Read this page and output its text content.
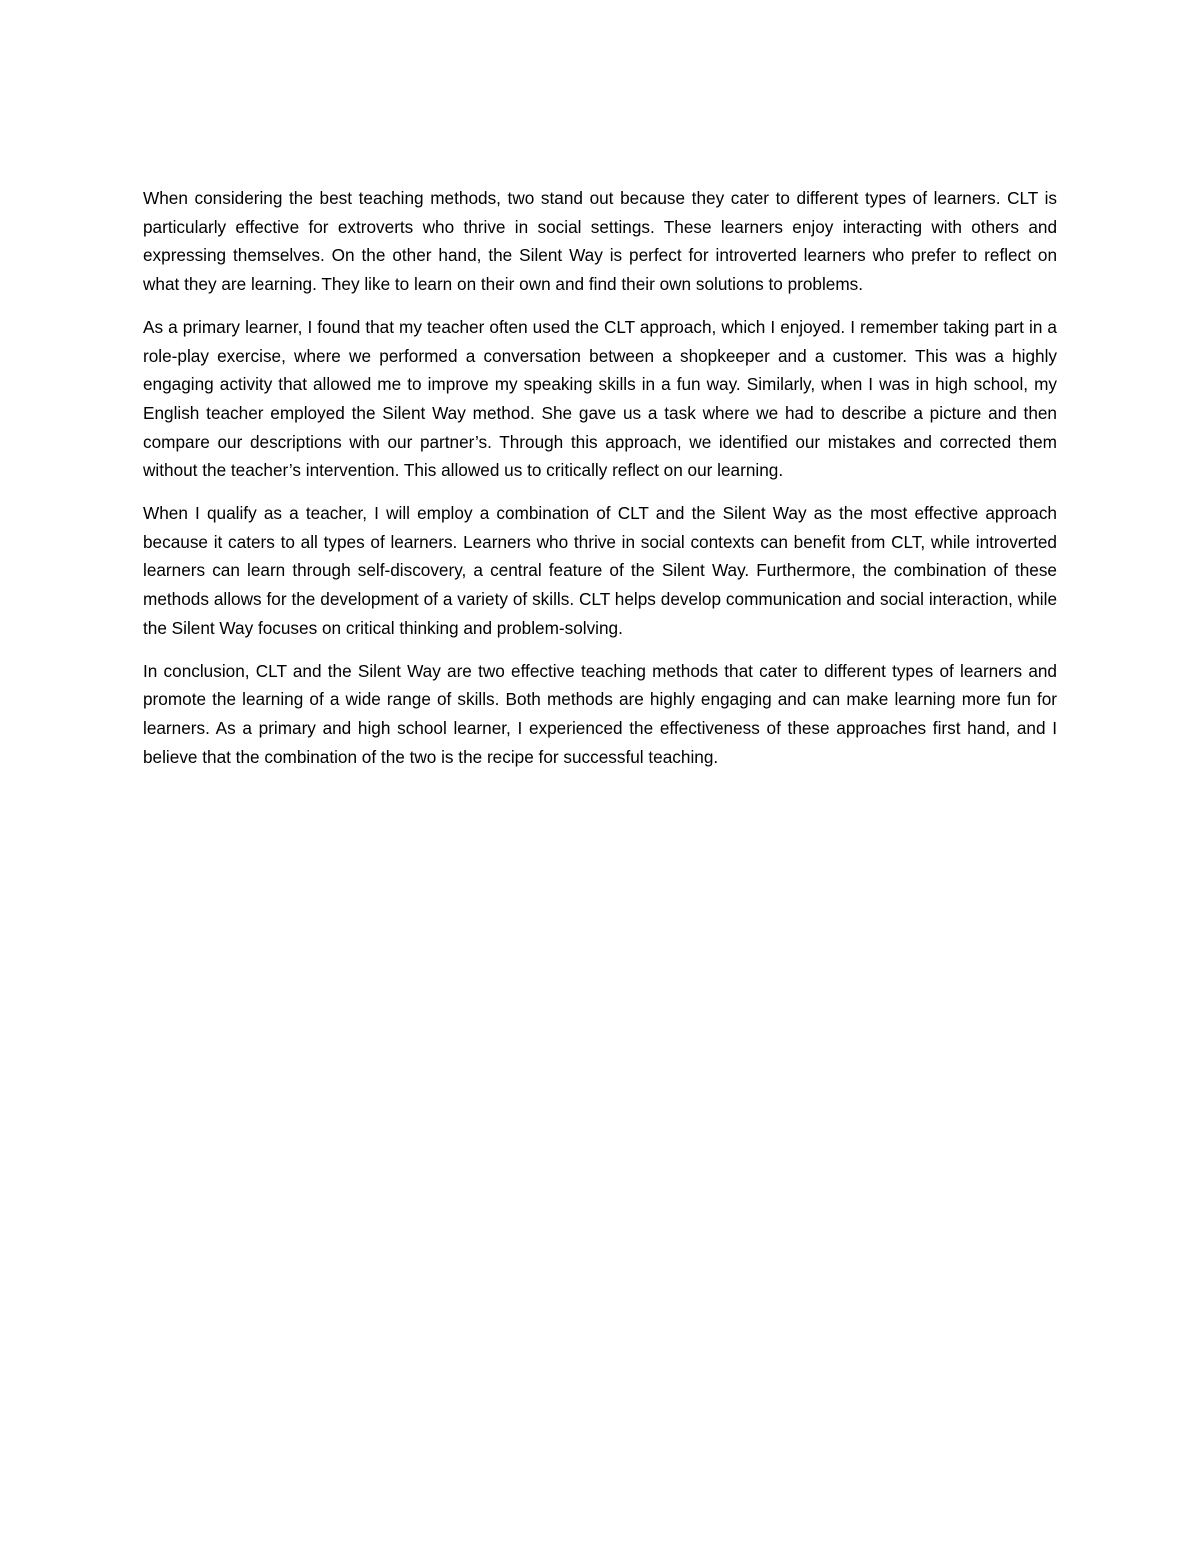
When considering the best teaching methods, two stand out because they cater to different types of learners. CLT is particularly effective for extroverts who thrive in social settings. These learners enjoy interacting with others and expressing themselves. On the other hand, the Silent Way is perfect for introverted learners who prefer to reflect on what they are learning. They like to learn on their own and find their own solutions to problems.

As a primary learner, I found that my teacher often used the CLT approach, which I enjoyed. I remember taking part in a role-play exercise, where we performed a conversation between a shopkeeper and a customer. This was a highly engaging activity that allowed me to improve my speaking skills in a fun way. Similarly, when I was in high school, my English teacher employed the Silent Way method. She gave us a task where we had to describe a picture and then compare our descriptions with our partner’s. Through this approach, we identified our mistakes and corrected them without the teacher’s intervention. This allowed us to critically reflect on our learning.

When I qualify as a teacher, I will employ a combination of CLT and the Silent Way as the most effective approach because it caters to all types of learners. Learners who thrive in social contexts can benefit from CLT, while introverted learners can learn through self-discovery, a central feature of the Silent Way. Furthermore, the combination of these methods allows for the development of a variety of skills. CLT helps develop communication and social interaction, while the Silent Way focuses on critical thinking and problem-solving.

In conclusion, CLT and the Silent Way are two effective teaching methods that cater to different types of learners and promote the learning of a wide range of skills. Both methods are highly engaging and can make learning more fun for learners. As a primary and high school learner, I experienced the effectiveness of these approaches first hand, and I believe that the combination of the two is the recipe for successful teaching.
